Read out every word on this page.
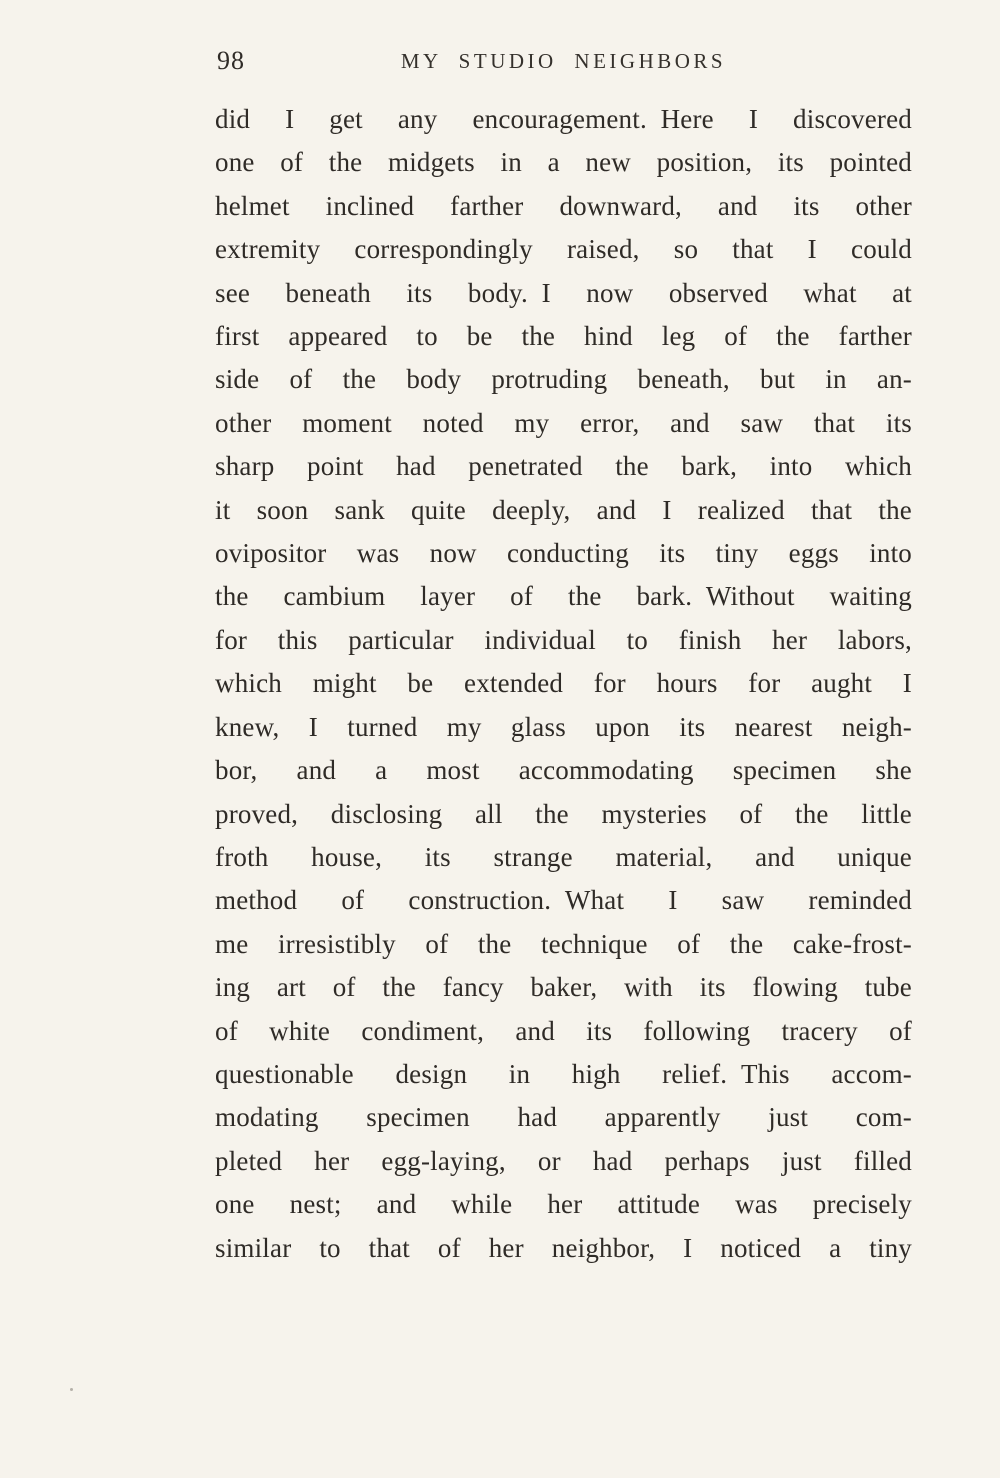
98	MY STUDIO NEIGHBORS
did I get any encouragement. Here I discovered
one of the midgets in a new position, its pointed
helmet inclined farther downward, and its other
extremity correspondingly raised, so that I could
see beneath its body. I now observed what at
first appeared to be the hind leg of the farther
side of the body protruding beneath, but in an-
other moment noted my error, and saw that its
sharp point had penetrated the bark, into which
it soon sank quite deeply, and I realized that the
ovipositor was now conducting its tiny eggs into
the cambium layer of the bark. Without waiting
for this particular individual to finish her labors,
which might be extended for hours for aught I
knew, I turned my glass upon its nearest neigh-
bor, and a most accommodating specimen she
proved, disclosing all the mysteries of the little
froth house, its strange material, and unique
method of construction. What I saw reminded
me irresistibly of the technique of the cake-frost-
ing art of the fancy baker, with its flowing tube
of white condiment, and its following tracery of
questionable design in high relief. This accom-
modating specimen had apparently just com-
pleted her egg-laying, or had perhaps just filled
one nest; and while her attitude was precisely
similar to that of her neighbor, I noticed a tiny
